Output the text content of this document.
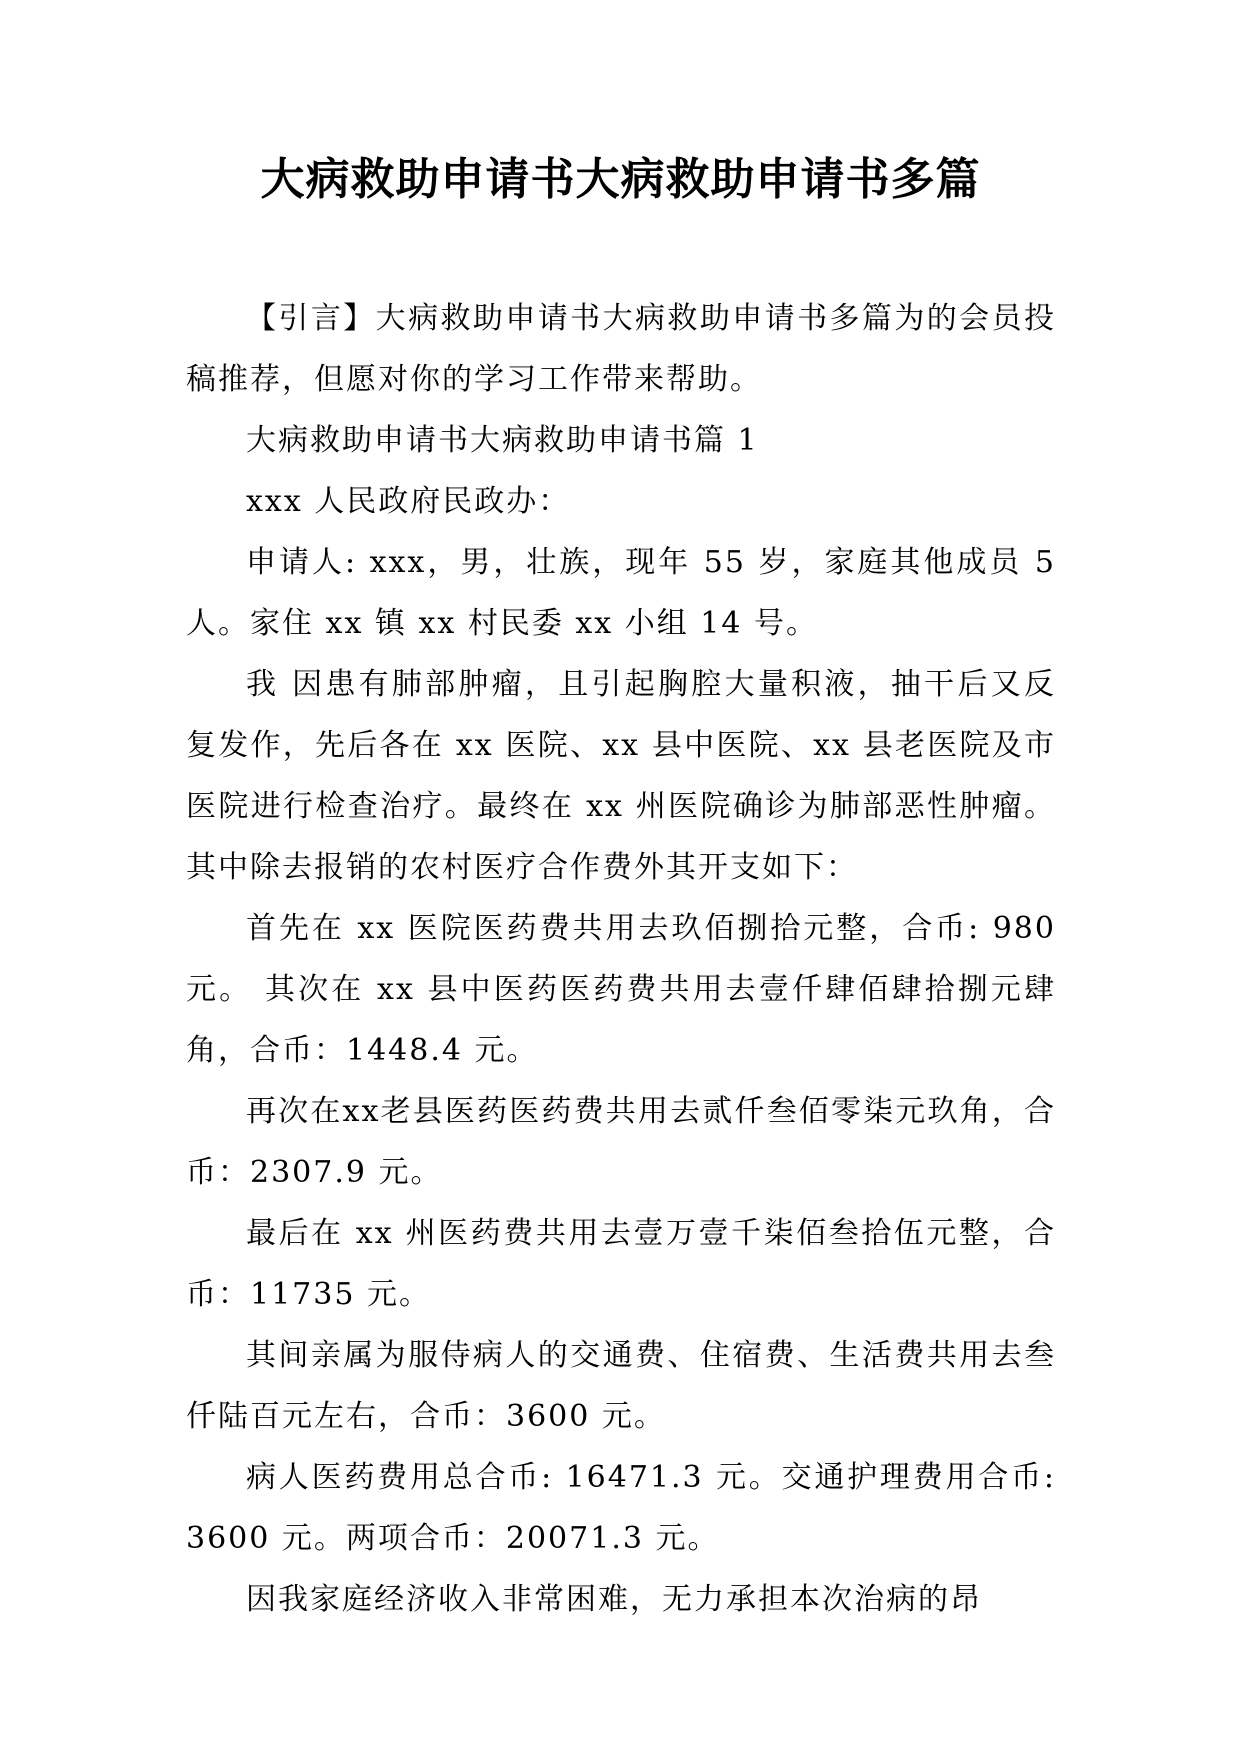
大病救助申请书大病救助申请书多篇

【引言】大病救助申请书大病救助申请书多篇为的会员投稿推荐，但愿对你的学习工作带来帮助。

大病救助申请书大病救助申请书篇 1

xxx 人民政府民政办：

申请人: xxx，男，壮族，现年 55 岁，家庭其他成员 5 人。家住 xx 镇 xx 村民委 xx 小组 14 号。

我 因患有肺部肿瘤，且引起胸腔大量积液，抽干后又反复发作，先后各在 xx 医院、xx 县中医院、xx 县老医院及市医院进行检查治疗。最终在 xx 州医院确诊为肺部恶性肿瘤。其中除去报销的农村医疗合作费外其开支如下：

首先在 xx 医院医药费共用去玖佰捌拾元整，合币: 980 元。 其次在 xx 县中医药医药费共用去壹仟肆佰肆拾捌元肆角，合币：1448.4 元。

再次在xx老县医药医药费共用去贰仟叁佰零柒元玖角，合币：2307.9 元。

最后在 xx 州医药费共用去壹万壹千柒佰叁拾伍元整，合币：11735 元。

其间亲属为服侍病人的交通费、住宿费、生活费共用去叁仟陆百元左右，合币：3600 元。

病人医药费用总合币: 16471.3 元。交通护理费用合币: 3600 元。两项合币：20071.3 元。

因我家庭经济收入非常困难，无力承担本次治病的昂
